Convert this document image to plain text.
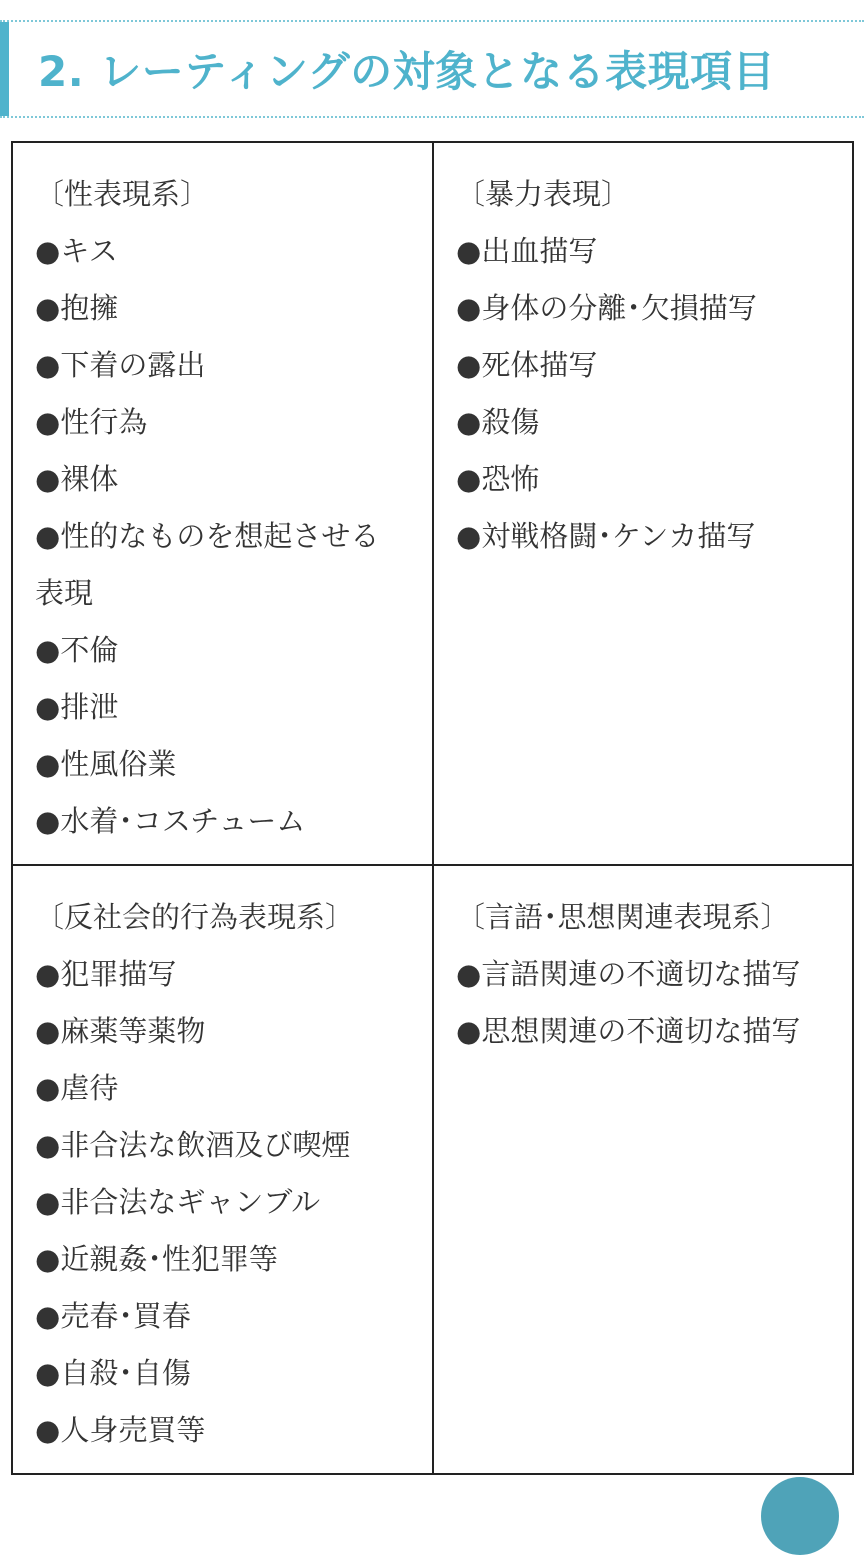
2. レーティングの対象となる表現項目
〔性表現系〕
●キス
●抱擁
●下着の露出
●性行為
●裸体
●性的なものを想起させる表現
●不倫
●排泄
●性風俗業
●水着･コスチューム
〔暴力表現〕
●出血描写
●身体の分離･欠損描写
●死体描写
●殺傷
●恐怖
●対戦格闘･ケンカ描写
〔反社会的行為表現系〕
●犯罪描写
●麻薬等薬物
●虐待
●非合法な飲酒及び喫煙
●非合法なギャンブル
●近親姦･性犯罪等
●売春･買春
●自殺･自傷
●人身売買等
〔言語･思想関連表現系〕
●言語関連の不適切な描写
●思想関連の不適切な描写
